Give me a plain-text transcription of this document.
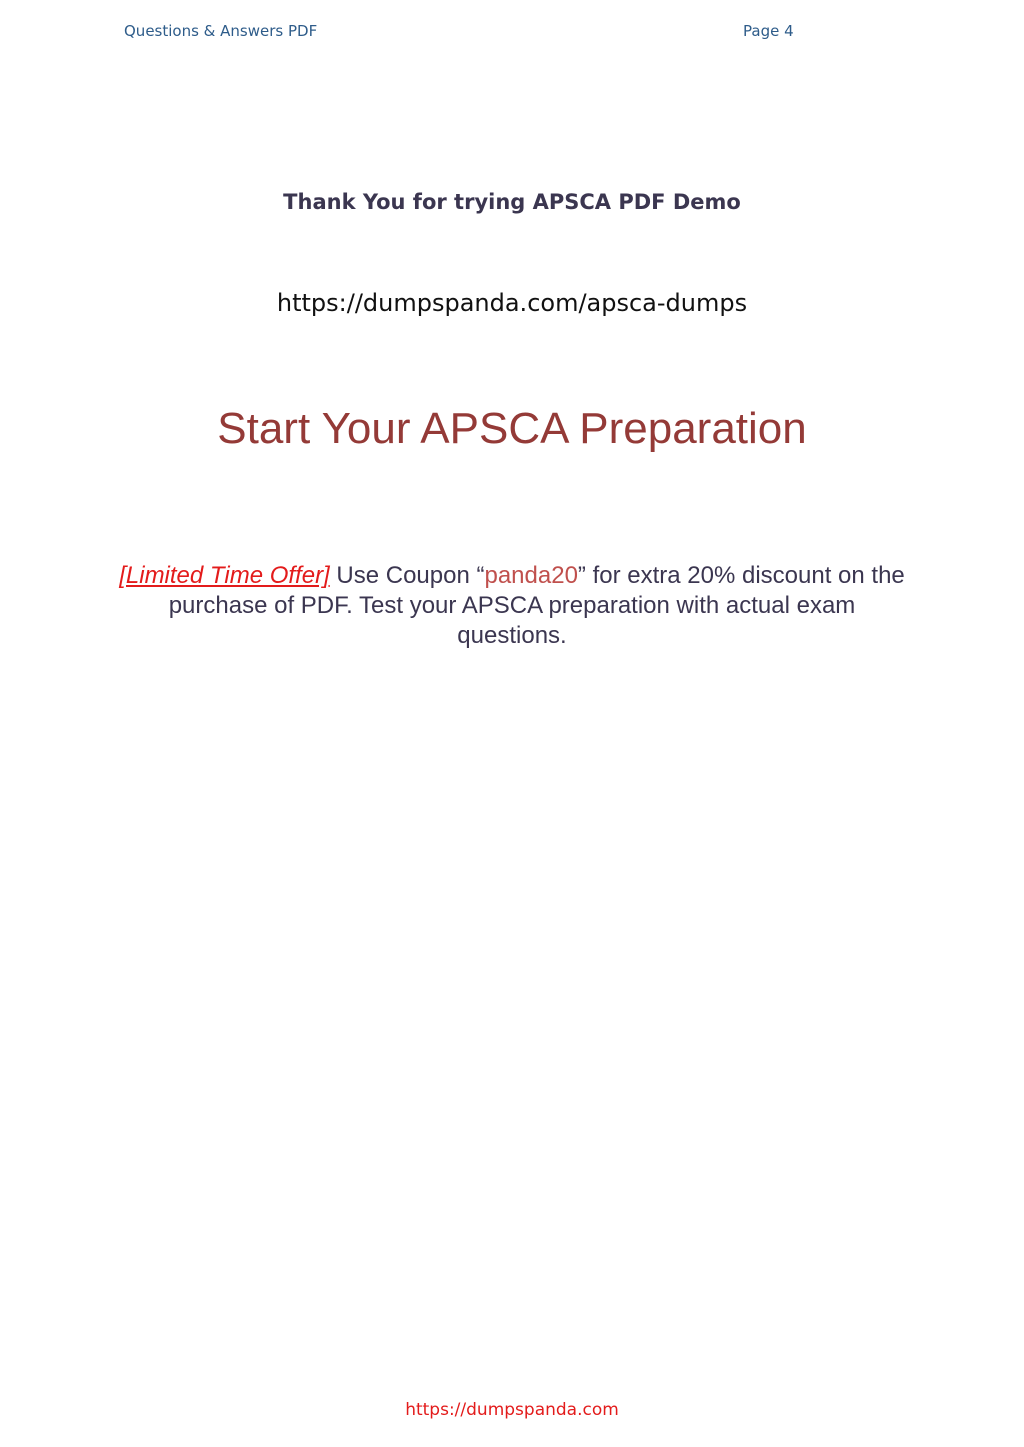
Questions & Answers PDF	Page 4
Thank You for trying APSCA PDF Demo
https://dumpspanda.com/apsca-dumps
Start Your APSCA Preparation
[Limited Time Offer] Use Coupon “panda20” for extra 20% discount on the purchase of PDF. Test your APSCA preparation with actual exam questions.
https://dumpspanda.com
